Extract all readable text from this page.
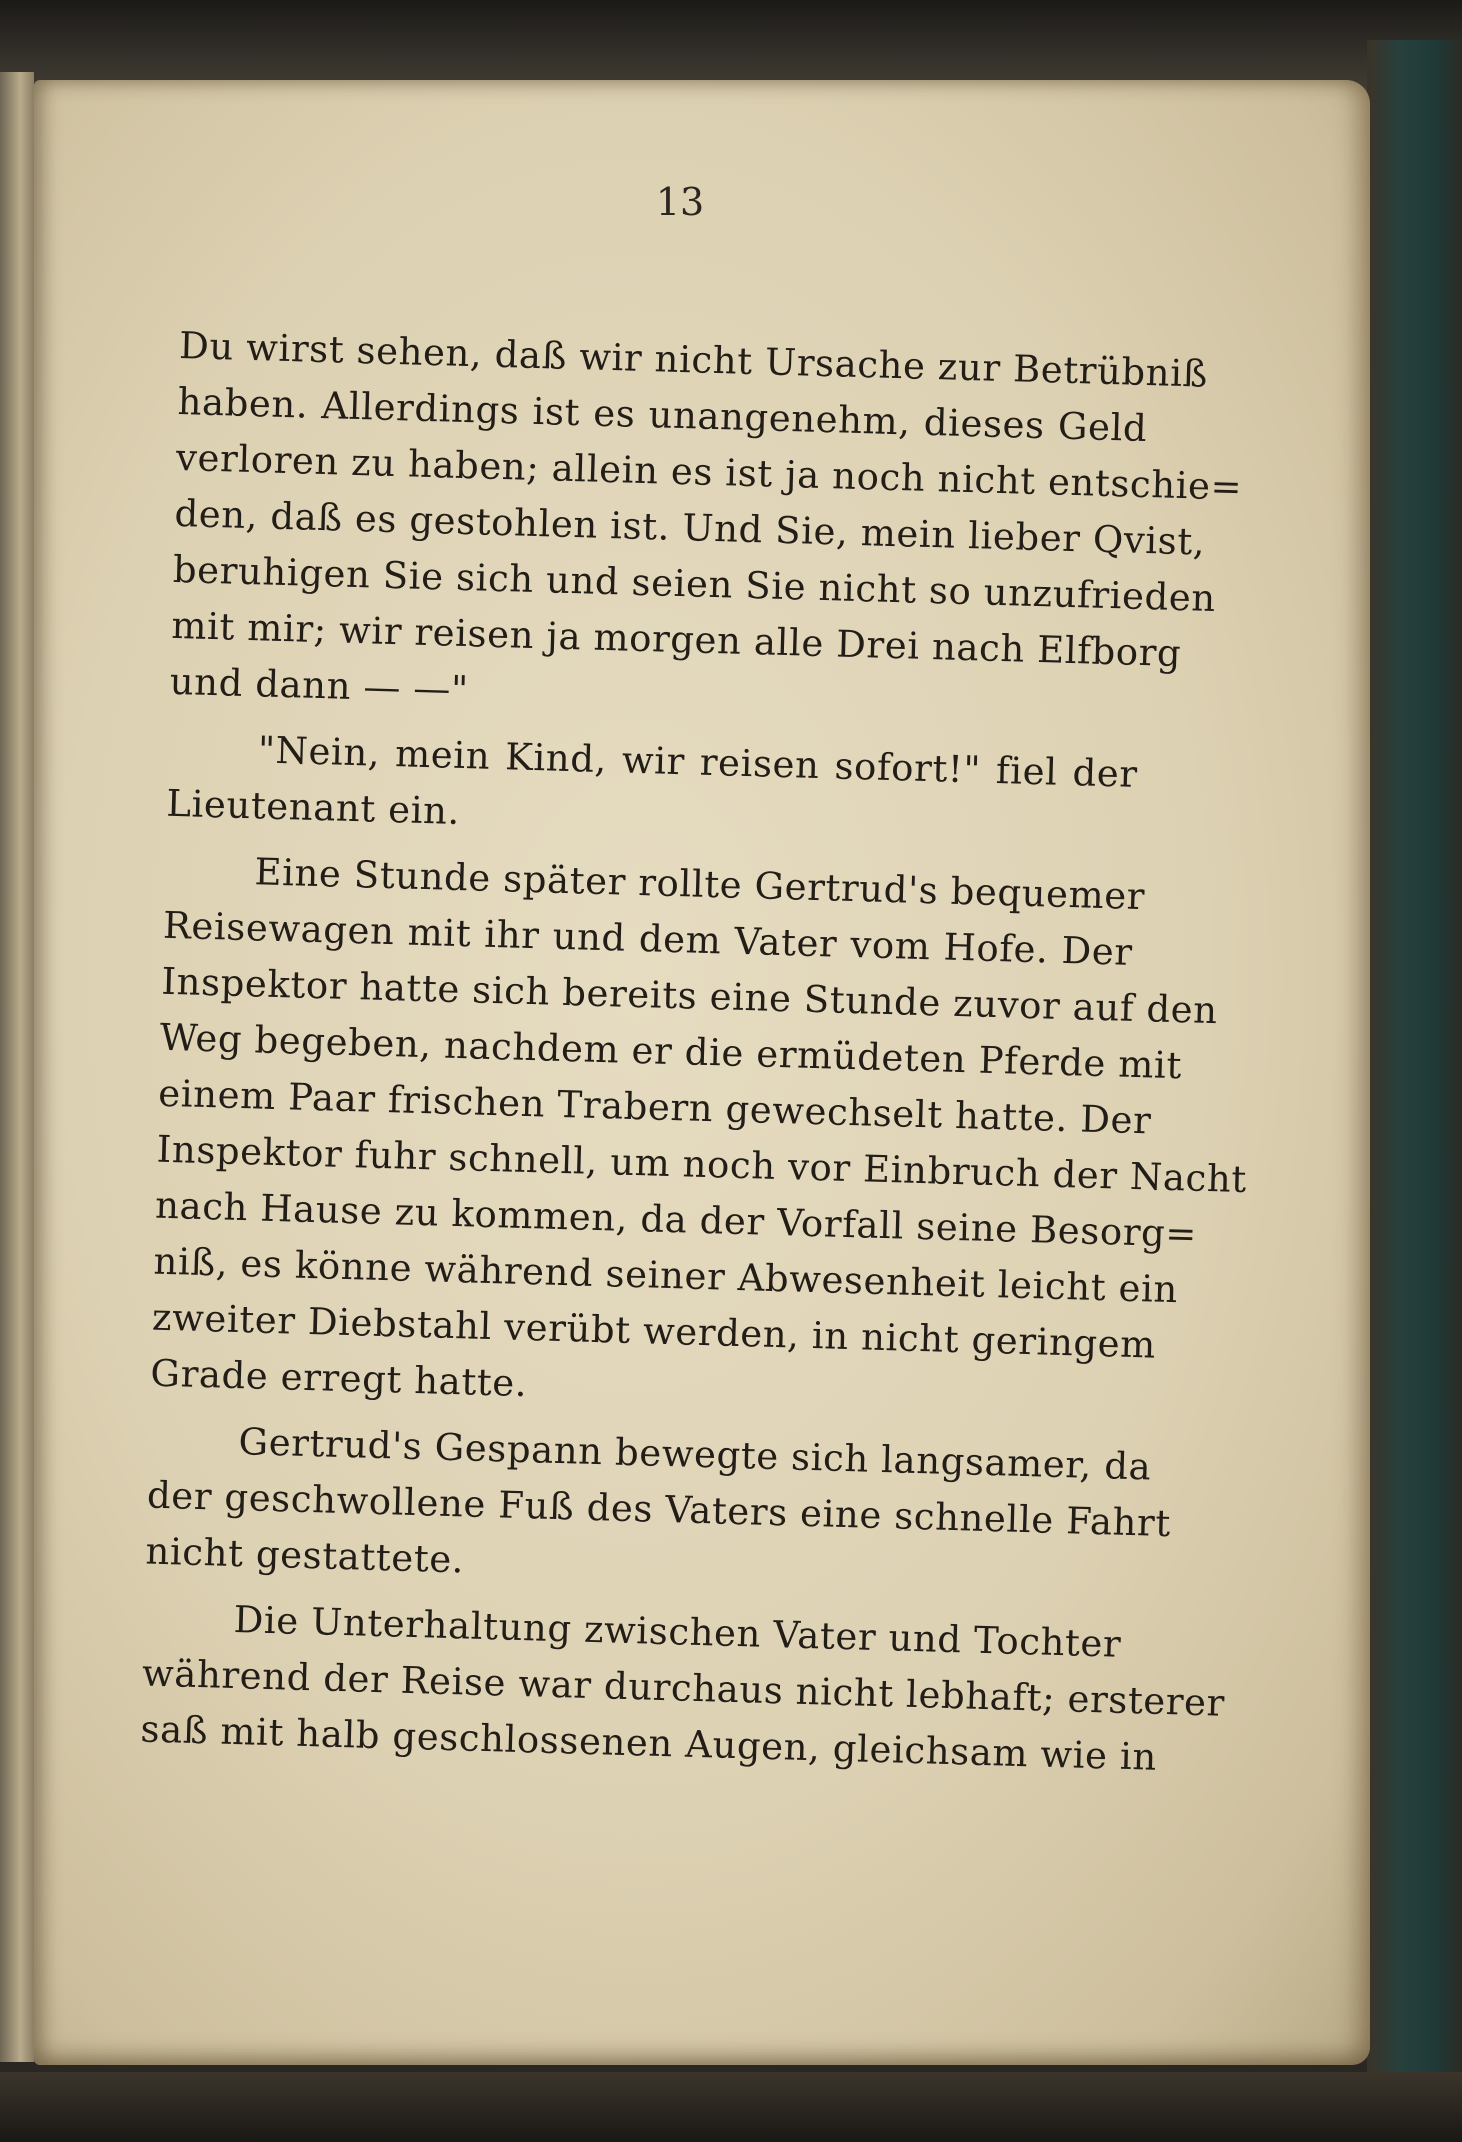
13
Du wirst sehen, daß wir nicht Ursache zur Betrübniß
haben. Allerdings ist es unangenehm, dieses Geld
verloren zu haben; allein es ist ja noch nicht entschie=
den, daß es gestohlen ist. Und Sie, mein lieber Qvist,
beruhigen Sie sich und seien Sie nicht so unzufrieden
mit mir; wir reisen ja morgen alle Drei nach Elfborg
und dann — —"
"Nein, mein Kind, wir reisen sofort!" fiel der
Lieutenant ein.
Eine Stunde später rollte Gertrud's bequemer
Reisewagen mit ihr und dem Vater vom Hofe. Der
Inspektor hatte sich bereits eine Stunde zuvor auf den
Weg begeben, nachdem er die ermüdeten Pferde mit
einem Paar frischen Trabern gewechselt hatte. Der
Inspektor fuhr schnell, um noch vor Einbruch der Nacht
nach Hause zu kommen, da der Vorfall seine Besorg=
niß, es könne während seiner Abwesenheit leicht ein
zweiter Diebstahl verübt werden, in nicht geringem
Grade erregt hatte.
Gertrud's Gespann bewegte sich langsamer, da
der geschwollene Fuß des Vaters eine schnelle Fahrt
nicht gestattete.
Die Unterhaltung zwischen Vater und Tochter
während der Reise war durchaus nicht lebhaft; ersterer
saß mit halb geschlossenen Augen, gleichsam wie in
